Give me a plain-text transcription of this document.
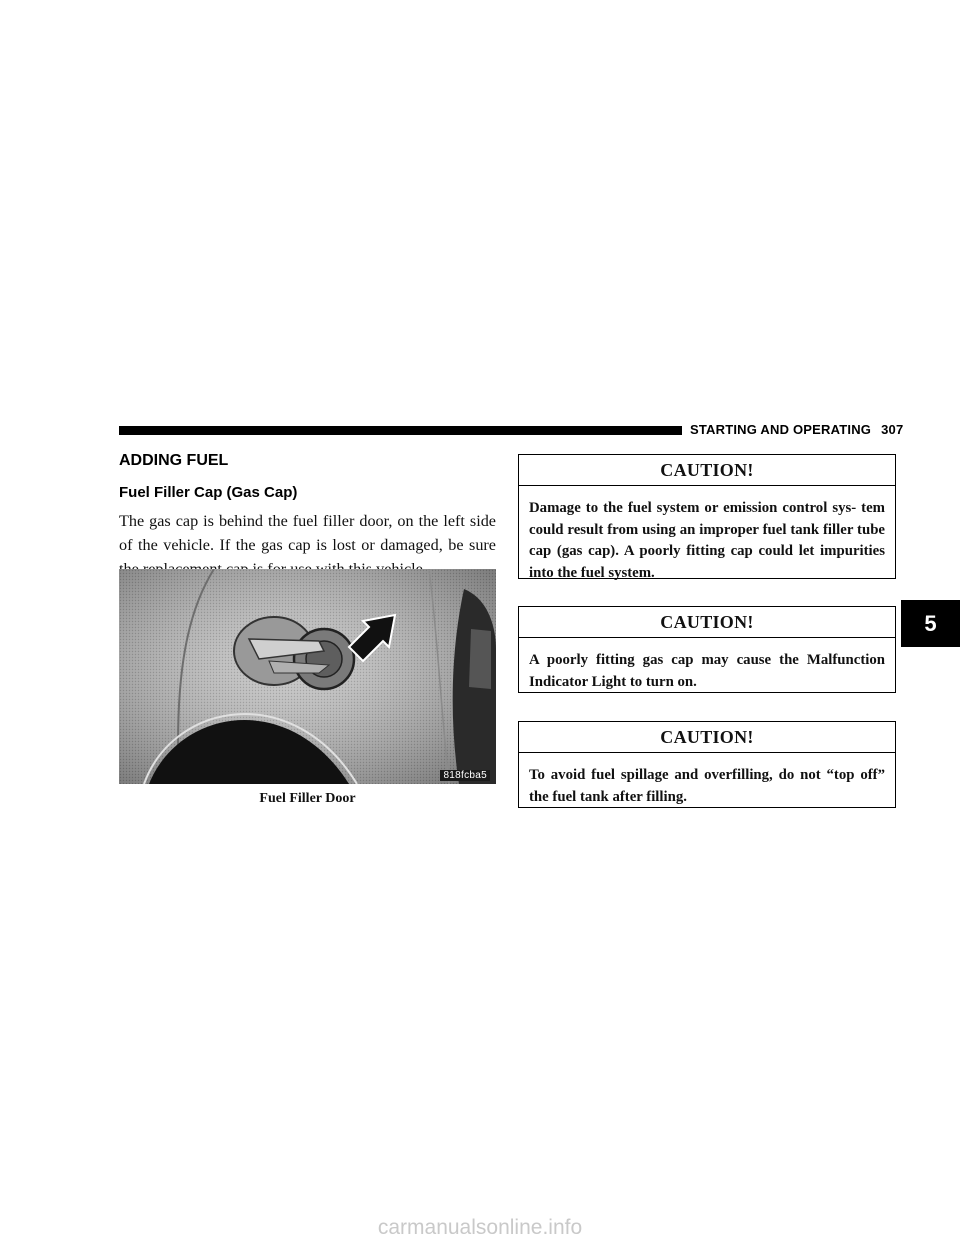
STARTING AND OPERATING 307
ADDING FUEL
Fuel Filler Cap (Gas Cap)
The gas cap is behind the fuel filler door, on the left side of the vehicle. If the gas cap is lost or damaged, be sure
818fcba5
Fuel Filler Door
CAUTION!
Damage to the fuel system or emission control sys- tem could result from using an improper fuel tank filler tube cap (gas cap). A poorly fitting cap could let impurities into the fuel system.
CAUTION!
A poorly fitting gas cap may cause the Malfunction Indicator Light to turn on.
CAUTION!
To avoid fuel spillage and overfilling, do not “top off” the fuel tank after filling.
5
carmanualsonline.info
